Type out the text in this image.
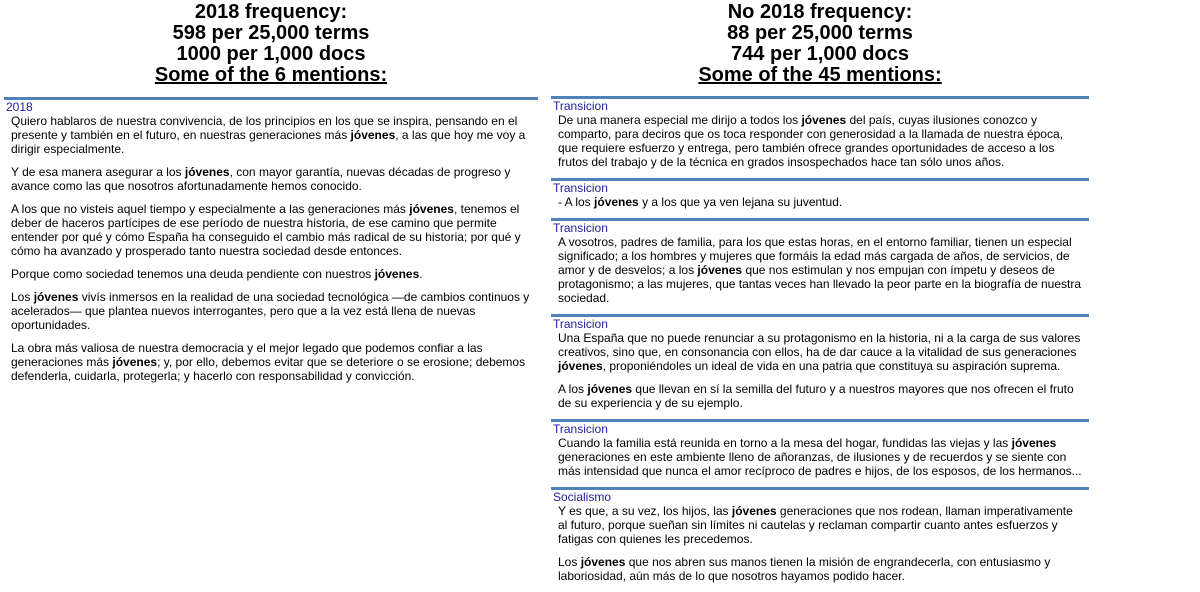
2018 frequency:
598 per 25,000 terms
1000 per 1,000 docs
Some of the 6 mentions:
2018
Quiero hablaros de nuestra convivencia, de los principios en los que se inspira, pensando en el presente y también en el futuro, en nuestras generaciones más jóvenes, a las que hoy me voy a dirigir especialmente.
Y de esa manera asegurar a los jóvenes, con mayor garantía, nuevas décadas de progreso y avance como las que nosotros afortunadamente hemos conocido.
A los que no visteis aquel tiempo y especialmente a las generaciones más jóvenes, tenemos el deber de haceros partícipes de ese período de nuestra historia, de ese camino que permite entender por qué y cómo España ha conseguido el cambio más radical de su historia; por qué y cómo ha avanzado y prosperado tanto nuestra sociedad desde entonces.
Porque como sociedad tenemos una deuda pendiente con nuestros jóvenes.
Los jóvenes vivís inmersos en la realidad de una sociedad tecnológica —de cambios continuos y acelerados— que plantea nuevos interrogantes, pero que a la vez está llena de nuevas oportunidades.
La obra más valiosa de nuestra democracia y el mejor legado que podemos confiar a las generaciones más jóvenes; y, por ello, debemos evitar que se deteriore o se erosione; debemos defenderla, cuidarla, protegerla; y hacerlo con responsabilidad y convicción.
No 2018 frequency:
88 per 25,000 terms
744 per 1,000 docs
Some of the 45 mentions:
Transicion
De una manera especial me dirijo a todos los jóvenes del país, cuyas ilusiones conozco y comparto, para deciros que os toca responder con generosidad a la llamada de nuestra época, que requiere esfuerzo y entrega, pero también ofrece grandes oportunidades de acceso a los frutos del trabajo y de la técnica en grados insospechados hace tan sólo unos años.
Transicion
- A los jóvenes y a los que ya ven lejana su juventud.
Transicion
A vosotros, padres de familia, para los que estas horas, en el entorno familiar, tienen un especial significado; a los hombres y mujeres que formáis la edad más cargada de años, de servicios, de amor y de desvelos; a los jóvenes que nos estimulan y nos empujan con ímpetu y deseos de protagonismo; a las mujeres, que tantas veces han llevado la peor parte en la biografía de nuestra sociedad.
Transicion
Una España que no puede renunciar a su protagonismo en la historia, ni a la carga de sus valores creativos, sino que, en consonancia con ellos, ha de dar cauce a la vitalidad de sus generaciones jóvenes, proponiéndoles un ideal de vida en una patria que constituya su aspiración suprema.
A los jóvenes que llevan en sí la semilla del futuro y a nuestros mayores que nos ofrecen el fruto de su experiencia y de su ejemplo.
Transicion
Cuando la familia está reunida en torno a la mesa del hogar, fundidas las viejas y las jóvenes generaciones en este ambiente lleno de añoranzas, de ilusiones y de recuerdos y se siente con más intensidad que nunca el amor recíproco de padres e hijos, de los esposos, de los hermanos...
Socialismo
Y es que, a su vez, los hijos, las jóvenes generaciones que nos rodean, llaman imperativamente al futuro, porque sueñan sin límites ni cautelas y reclaman compartir cuanto antes esfuerzos y fatigas con quienes les precedemos.
Los jóvenes que nos abren sus manos tienen la misión de engrandecerla, con entusiasmo y laboriosidad, aún más de lo que nosotros hayamos podido hacer.
